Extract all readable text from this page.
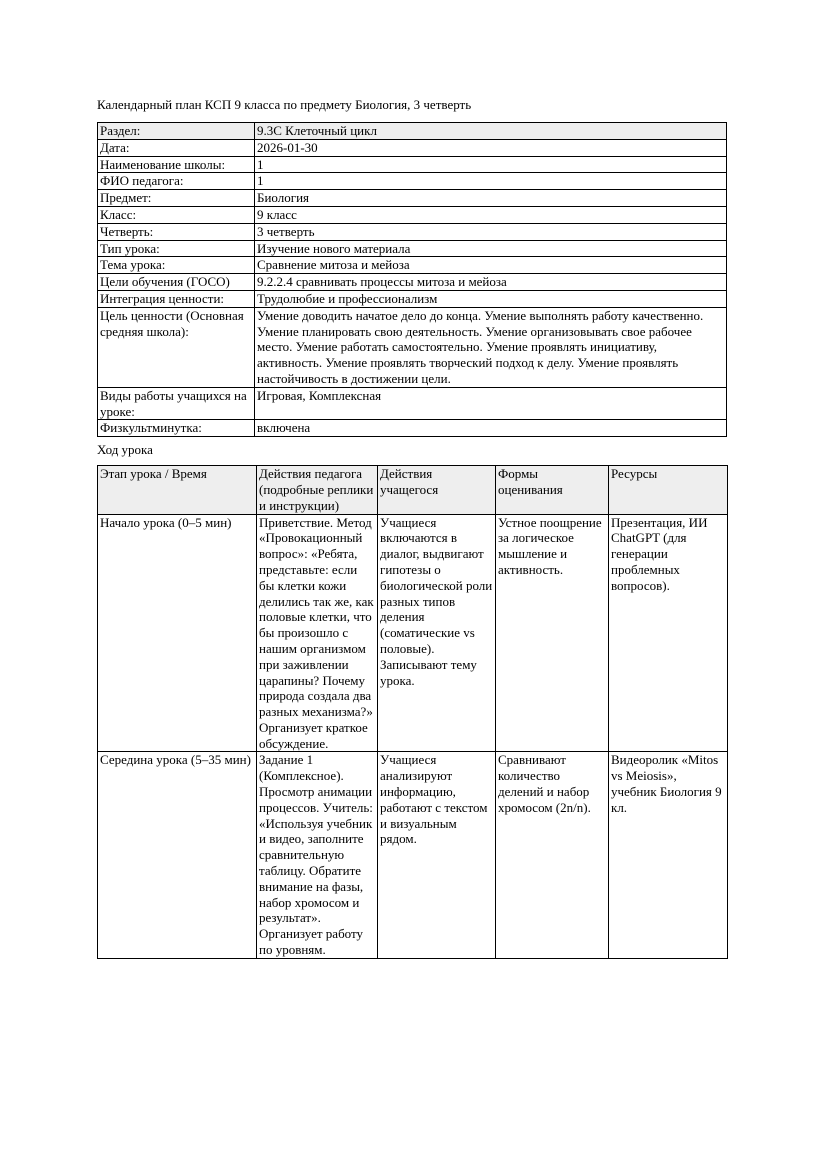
Календарный план КСП 9 класса по предмету Биология, 3 четверть

Раздел:	9.3C Клеточный цикл
Дата:	2026-01-30
Наименование школы:	1
ФИО педагога:	1
Предмет:	Биология
Класс:	9 класс
Четверть:	3 четверть
Тип урока:	Изучение нового материала
Тема урока:	Сравнение митоза и мейоза
Цели обучения (ГОСО)	9.2.2.4 сравнивать процессы митоза и мейоза
Интеграция ценности:	Трудолюбие и профессионализм
Цель ценности (Основная средняя школа):	Умение доводить начатое дело до конца. Умение выполнять работу качественно. Умение планировать свою деятельность. Умение организовывать свое рабочее место. Умение работать самостоятельно. Умение проявлять инициативу, активность. Умение проявлять творческий подход к делу. Умение проявлять настойчивость в достижении цели.
Виды работы учащихся на уроке:	Игровая, Комплексная
Физкультминутка:	включена

Ход урока

Этап урока / Время	Действия педагога (подробные реплики и инструкции)	Действия учащегося	Формы оценивания	Ресурсы
Начало урока (0–5 мин)	Приветствие. Метод «Провокационный вопрос»: «Ребята, представьте: если бы клетки кожи делились так же, как половые клетки, что бы произошло с нашим организмом при заживлении царапины? Почему природа создала два разных механизма?» Организует краткое обсуждение.	Учащиеся включаются в диалог, выдвигают гипотезы о биологической роли разных типов деления (соматические vs половые). Записывают тему урока.	Устное поощрение за логическое мышление и активность.	Презентация, ИИ ChatGPT (для генерации проблемных вопросов).
Середина урока (5–35 мин)	Задание 1 (Комплексное). Просмотр анимации процессов. Учитель: «Используя учебник и видео, заполните сравнительную таблицу. Обратите внимание на фазы, набор хромосом и результат». Организует работу по уровням.	Учащиеся анализируют информацию, работают с текстом и визуальным рядом.	Сравнивают количество делений и набор хромосом (2n/n).	Видеоролик «Mitos vs Meiosis», учебник Биология 9 кл.
